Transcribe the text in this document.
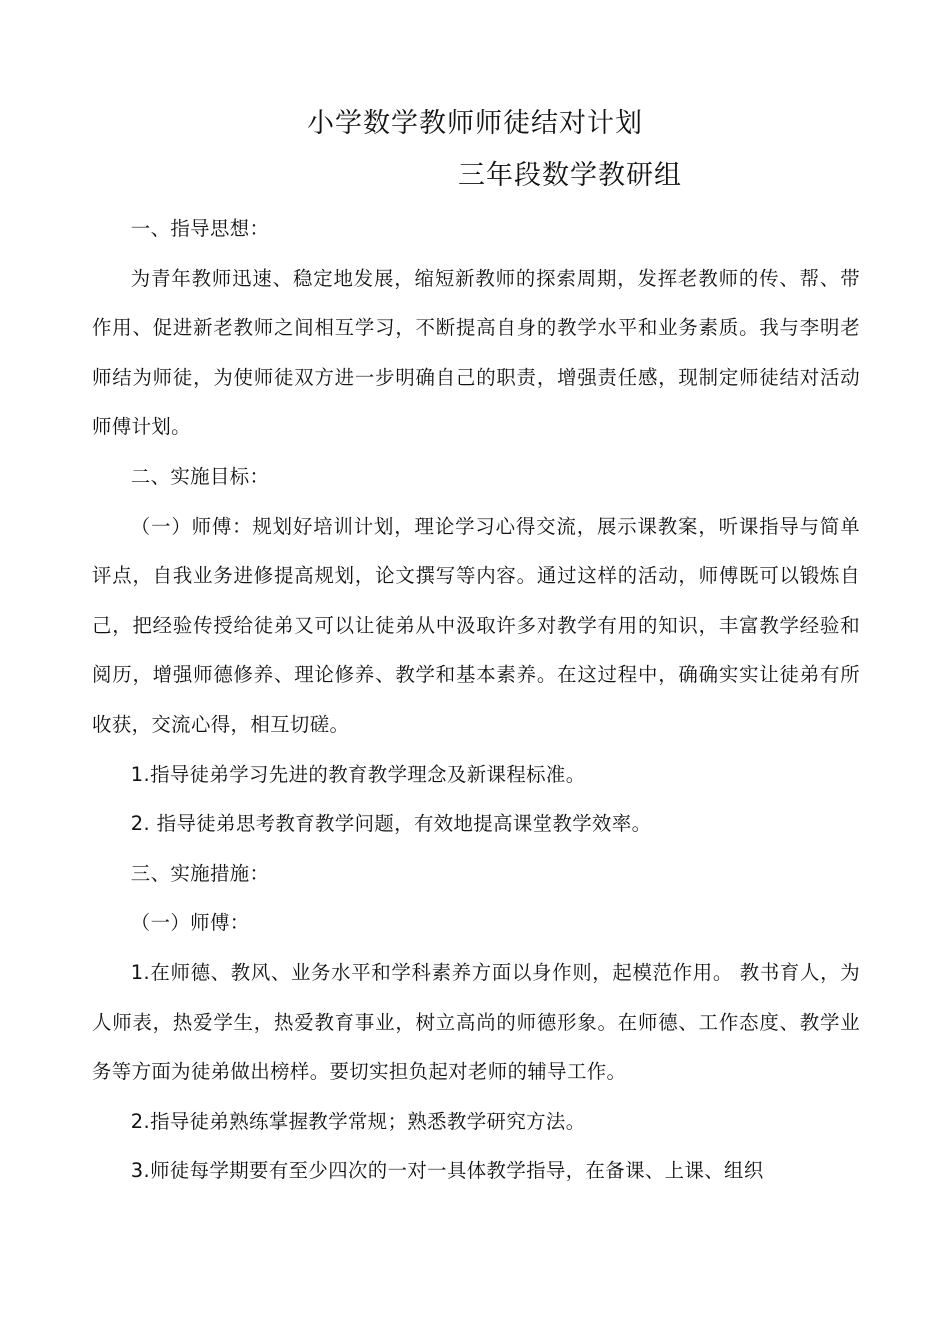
小学数学教师师徒结对计划
三年段数学教研组

一、指导思想：

为青年教师迅速、稳定地发展，缩短新教师的探索周期，发挥老教师的传、帮、带作用、促进新老教师之间相互学习，不断提高自身的教学水平和业务素质。我与李明老师结为师徒，为使师徒双方进一步明确自己的职责，增强责任感，现制定师徒结对活动师傅计划。

二、实施目标：

（一）师傅：规划好培训计划，理论学习心得交流，展示课教案，听课指导与简单评点，自我业务进修提高规划，论文撰写等内容。通过这样的活动，师傅既可以锻炼自己，把经验传授给徒弟又可以让徒弟从中汲取许多对教学有用的知识，丰富教学经验和阅历，增强师德修养、理论修养、教学和基本素养。在这过程中，确确实实让徒弟有所收获，交流心得，相互切磋。

1.指导徒弟学习先进的教育教学理念及新课程标准。

2. 指导徒弟思考教育教学问题，有效地提高课堂教学效率。

三、实施措施：

（一）师傅：

1.在师德、教风、业务水平和学科素养方面以身作则，起模范作用。 教书育人，为人师表，热爱学生，热爱教育事业，树立高尚的师德形象。在师德、工作态度、教学业务等方面为徒弟做出榜样。要切实担负起对老师的辅导工作。

2.指导徒弟熟练掌握教学常规；熟悉教学研究方法。

3.师徒每学期要有至少四次的一对一具体教学指导，在备课、上课、组织
